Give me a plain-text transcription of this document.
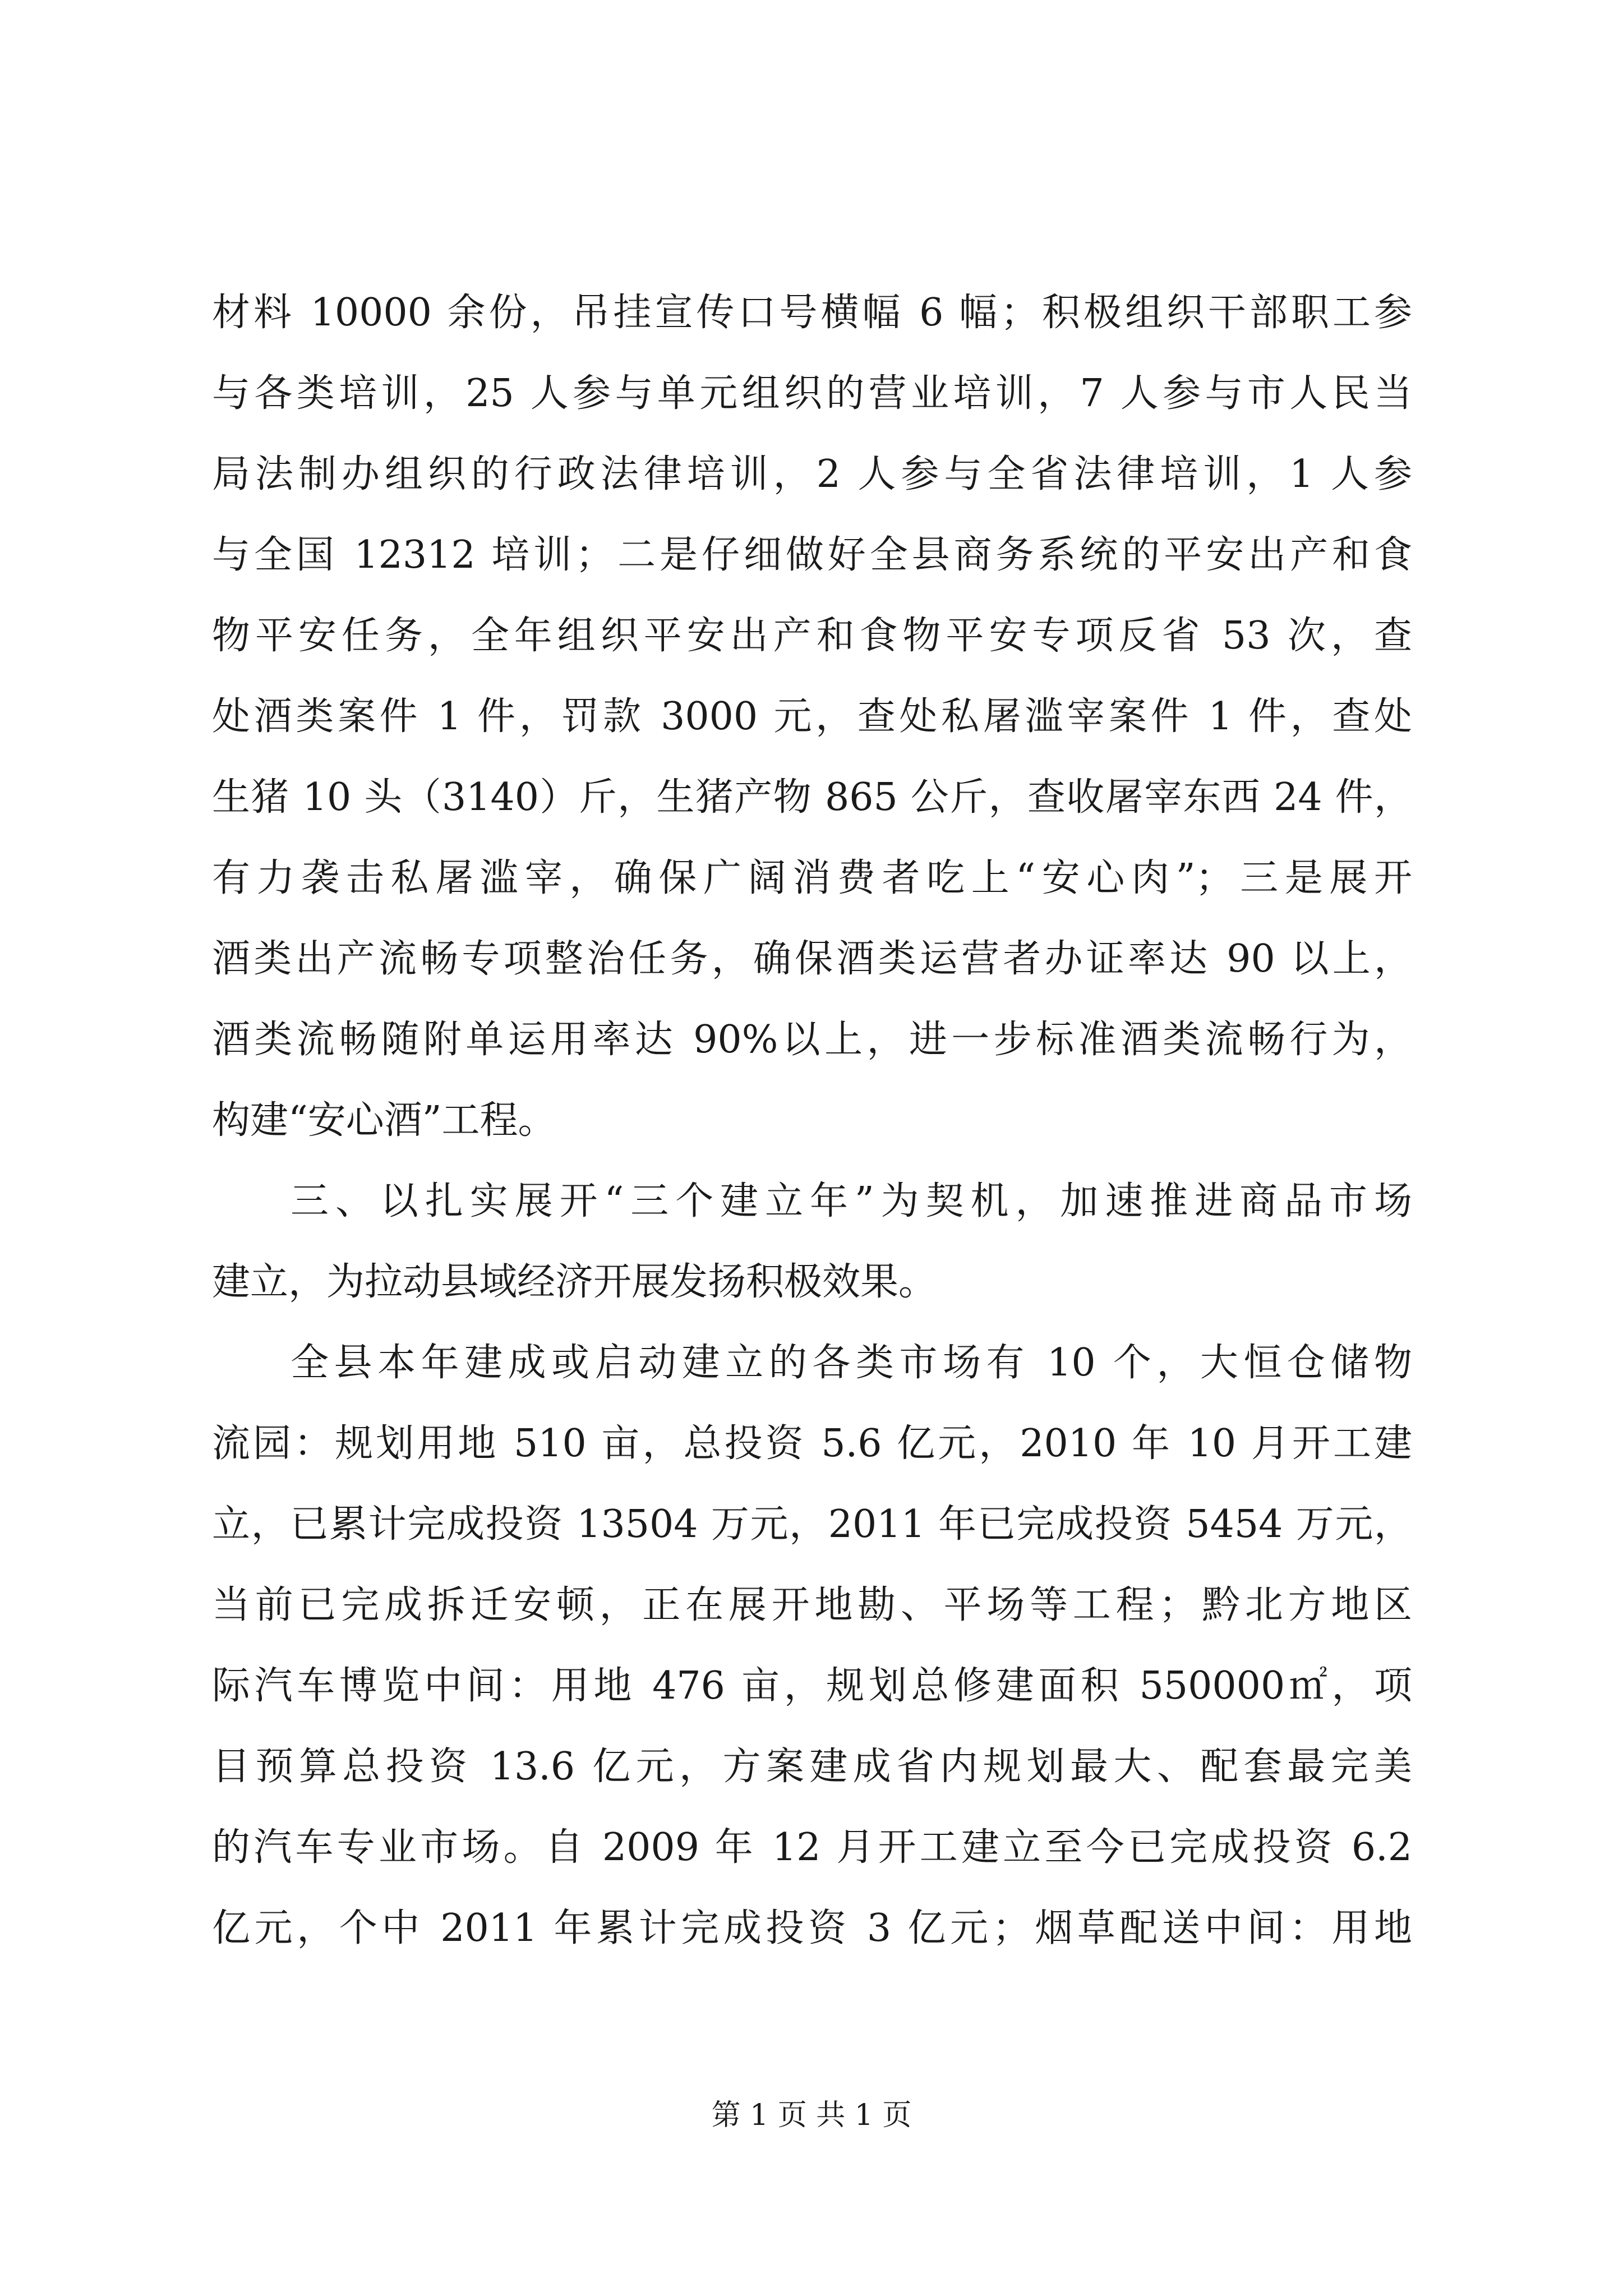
材料 10000 余份，吊挂宣传口号横幅 6 幅；积极组织干部职工参
与各类培训，25 人参与单元组织的营业培训，7 人参与市人民当
局法制办组织的行政法律培训，2 人参与全省法律培训，1 人参
与全国 12312 培训；二是仔细做好全县商务系统的平安出产和食
物平安任务，全年组织平安出产和食物平安专项反省 53 次，查
处酒类案件 1 件，罚款 3000 元，查处私屠滥宰案件 1 件，查处
生猪 10 头（3140）斤，生猪产物 865 公斤，查收屠宰东西 24 件，
有力袭击私屠滥宰，确保广阔消费者吃上“安心肉”；三是展开
酒类出产流畅专项整治任务，确保酒类运营者办证率达 90 以上，
酒类流畅随附单运用率达 90%以上，进一步标准酒类流畅行为，
构建“安心酒”工程。
三、以扎实展开“三个建立年”为契机，加速推进商品市场
建立，为拉动县域经济开展发扬积极效果。
全县本年建成或启动建立的各类市场有 10 个，大恒仓储物
流园：规划用地 510 亩，总投资 5.6 亿元，2010 年 10 月开工建
立，已累计完成投资 13504 万元，2011 年已完成投资 5454 万元，
当前已完成拆迁安顿，正在展开地勘、平场等工程；黔北方地区
际汽车博览中间：用地 476 亩，规划总修建面积 550000㎡，项
目预算总投资 13.6 亿元，方案建成省内规划最大、配套最完美
的汽车专业市场。自 2009 年 12 月开工建立至今已完成投资 6.2
亿元，个中 2011 年累计完成投资 3 亿元；烟草配送中间：用地
第 1 页 共 1 页
